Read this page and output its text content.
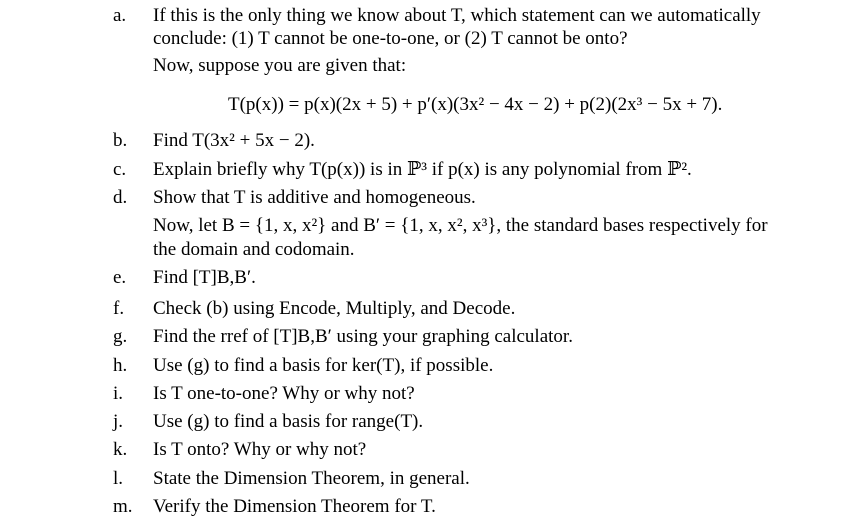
a. If this is the only thing we know about T, which statement can we automatically
conclude: (1) T cannot be one-to-one, or (2) T cannot be onto?
Now, suppose you are given that:
T(p(x)) = p(x)(2x + 5) + p′(x)(3x² − 4x − 2) + p(2)(2x³ − 5x + 7).
b. Find T(3x² + 5x − 2).
c. Explain briefly why T(p(x)) is in ℙ³ if p(x) is any polynomial from ℙ².
d. Show that T is additive and homogeneous.
Now, let B = {1, x, x²} and B′ = {1, x, x², x³}, the standard bases respectively for
the domain and codomain.
e. Find [T]B,B′.
f. Check (b) using Encode, Multiply, and Decode.
g. Find the rref of [T]B,B′ using your graphing calculator.
h. Use (g) to find a basis for ker(T), if possible.
i. Is T one-to-one? Why or why not?
j. Use (g) to find a basis for range(T).
k. Is T onto? Why or why not?
l. State the Dimension Theorem, in general.
m. Verify the Dimension Theorem for T.
